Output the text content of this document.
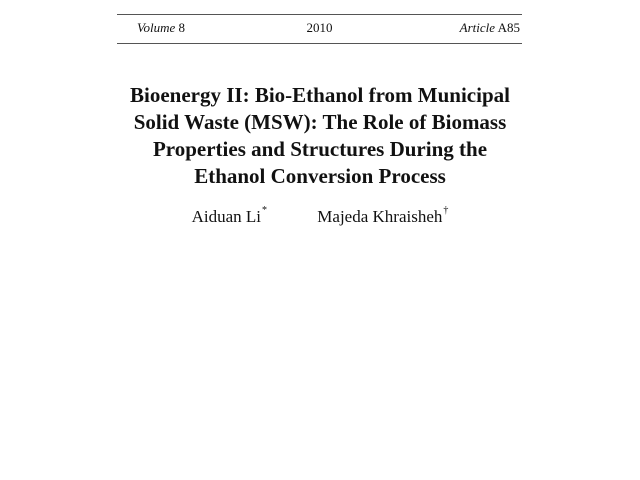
Volume 8	2010	Article A85
Bioenergy II: Bio-Ethanol from Municipal
Solid Waste (MSW): The Role of Biomass
Properties and Structures During the
Ethanol Conversion Process
Aiduan Li*	Majeda Khraisheh†
